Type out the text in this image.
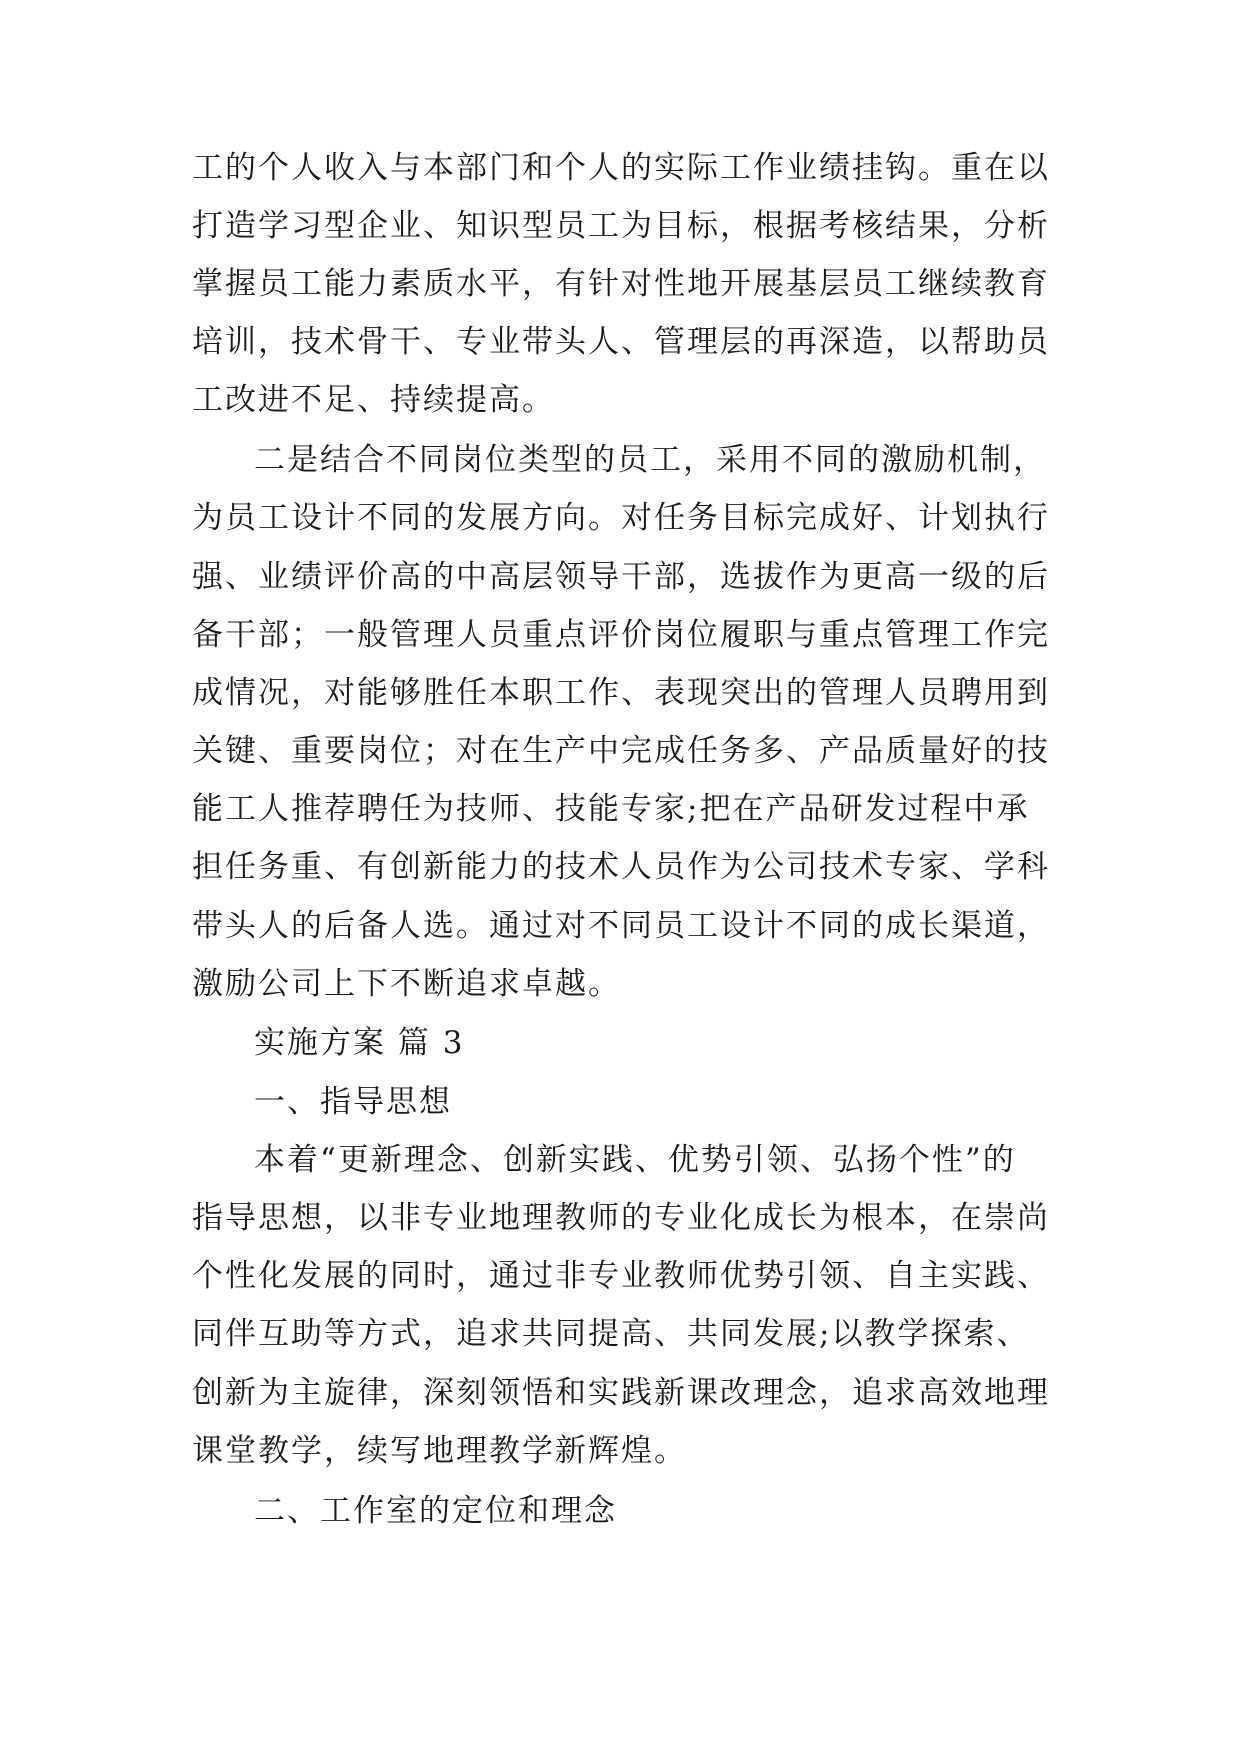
工的个人收入与本部门和个人的实际工作业绩挂钩。重在以
打造学习型企业、知识型员工为目标，根据考核结果，分析
掌握员工能力素质水平，有针对性地开展基层员工继续教育
培训，技术骨干、专业带头人、管理层的再深造，以帮助员
工改进不足、持续提高。
二是结合不同岗位类型的员工，采用不同的激励机制，
为员工设计不同的发展方向。对任务目标完成好、计划执行
强、业绩评价高的中高层领导干部，选拔作为更高一级的后
备干部；一般管理人员重点评价岗位履职与重点管理工作完
成情况，对能够胜任本职工作、表现突出的管理人员聘用到
关键、重要岗位；对在生产中完成任务多、产品质量好的技
能工人推荐聘任为技师、技能专家;把在产品研发过程中承
担任务重、有创新能力的技术人员作为公司技术专家、学科
带头人的后备人选。通过对不同员工设计不同的成长渠道，
激励公司上下不断追求卓越。
实施方案 篇 3
一、指导思想
本着“更新理念、创新实践、优势引领、弘扬个性”的
指导思想，以非专业地理教师的专业化成长为根本，在崇尚
个性化发展的同时，通过非专业教师优势引领、自主实践、
同伴互助等方式，追求共同提高、共同发展;以教学探索、
创新为主旋律，深刻领悟和实践新课改理念，追求高效地理
课堂教学，续写地理教学新辉煌。
二、工作室的定位和理念
